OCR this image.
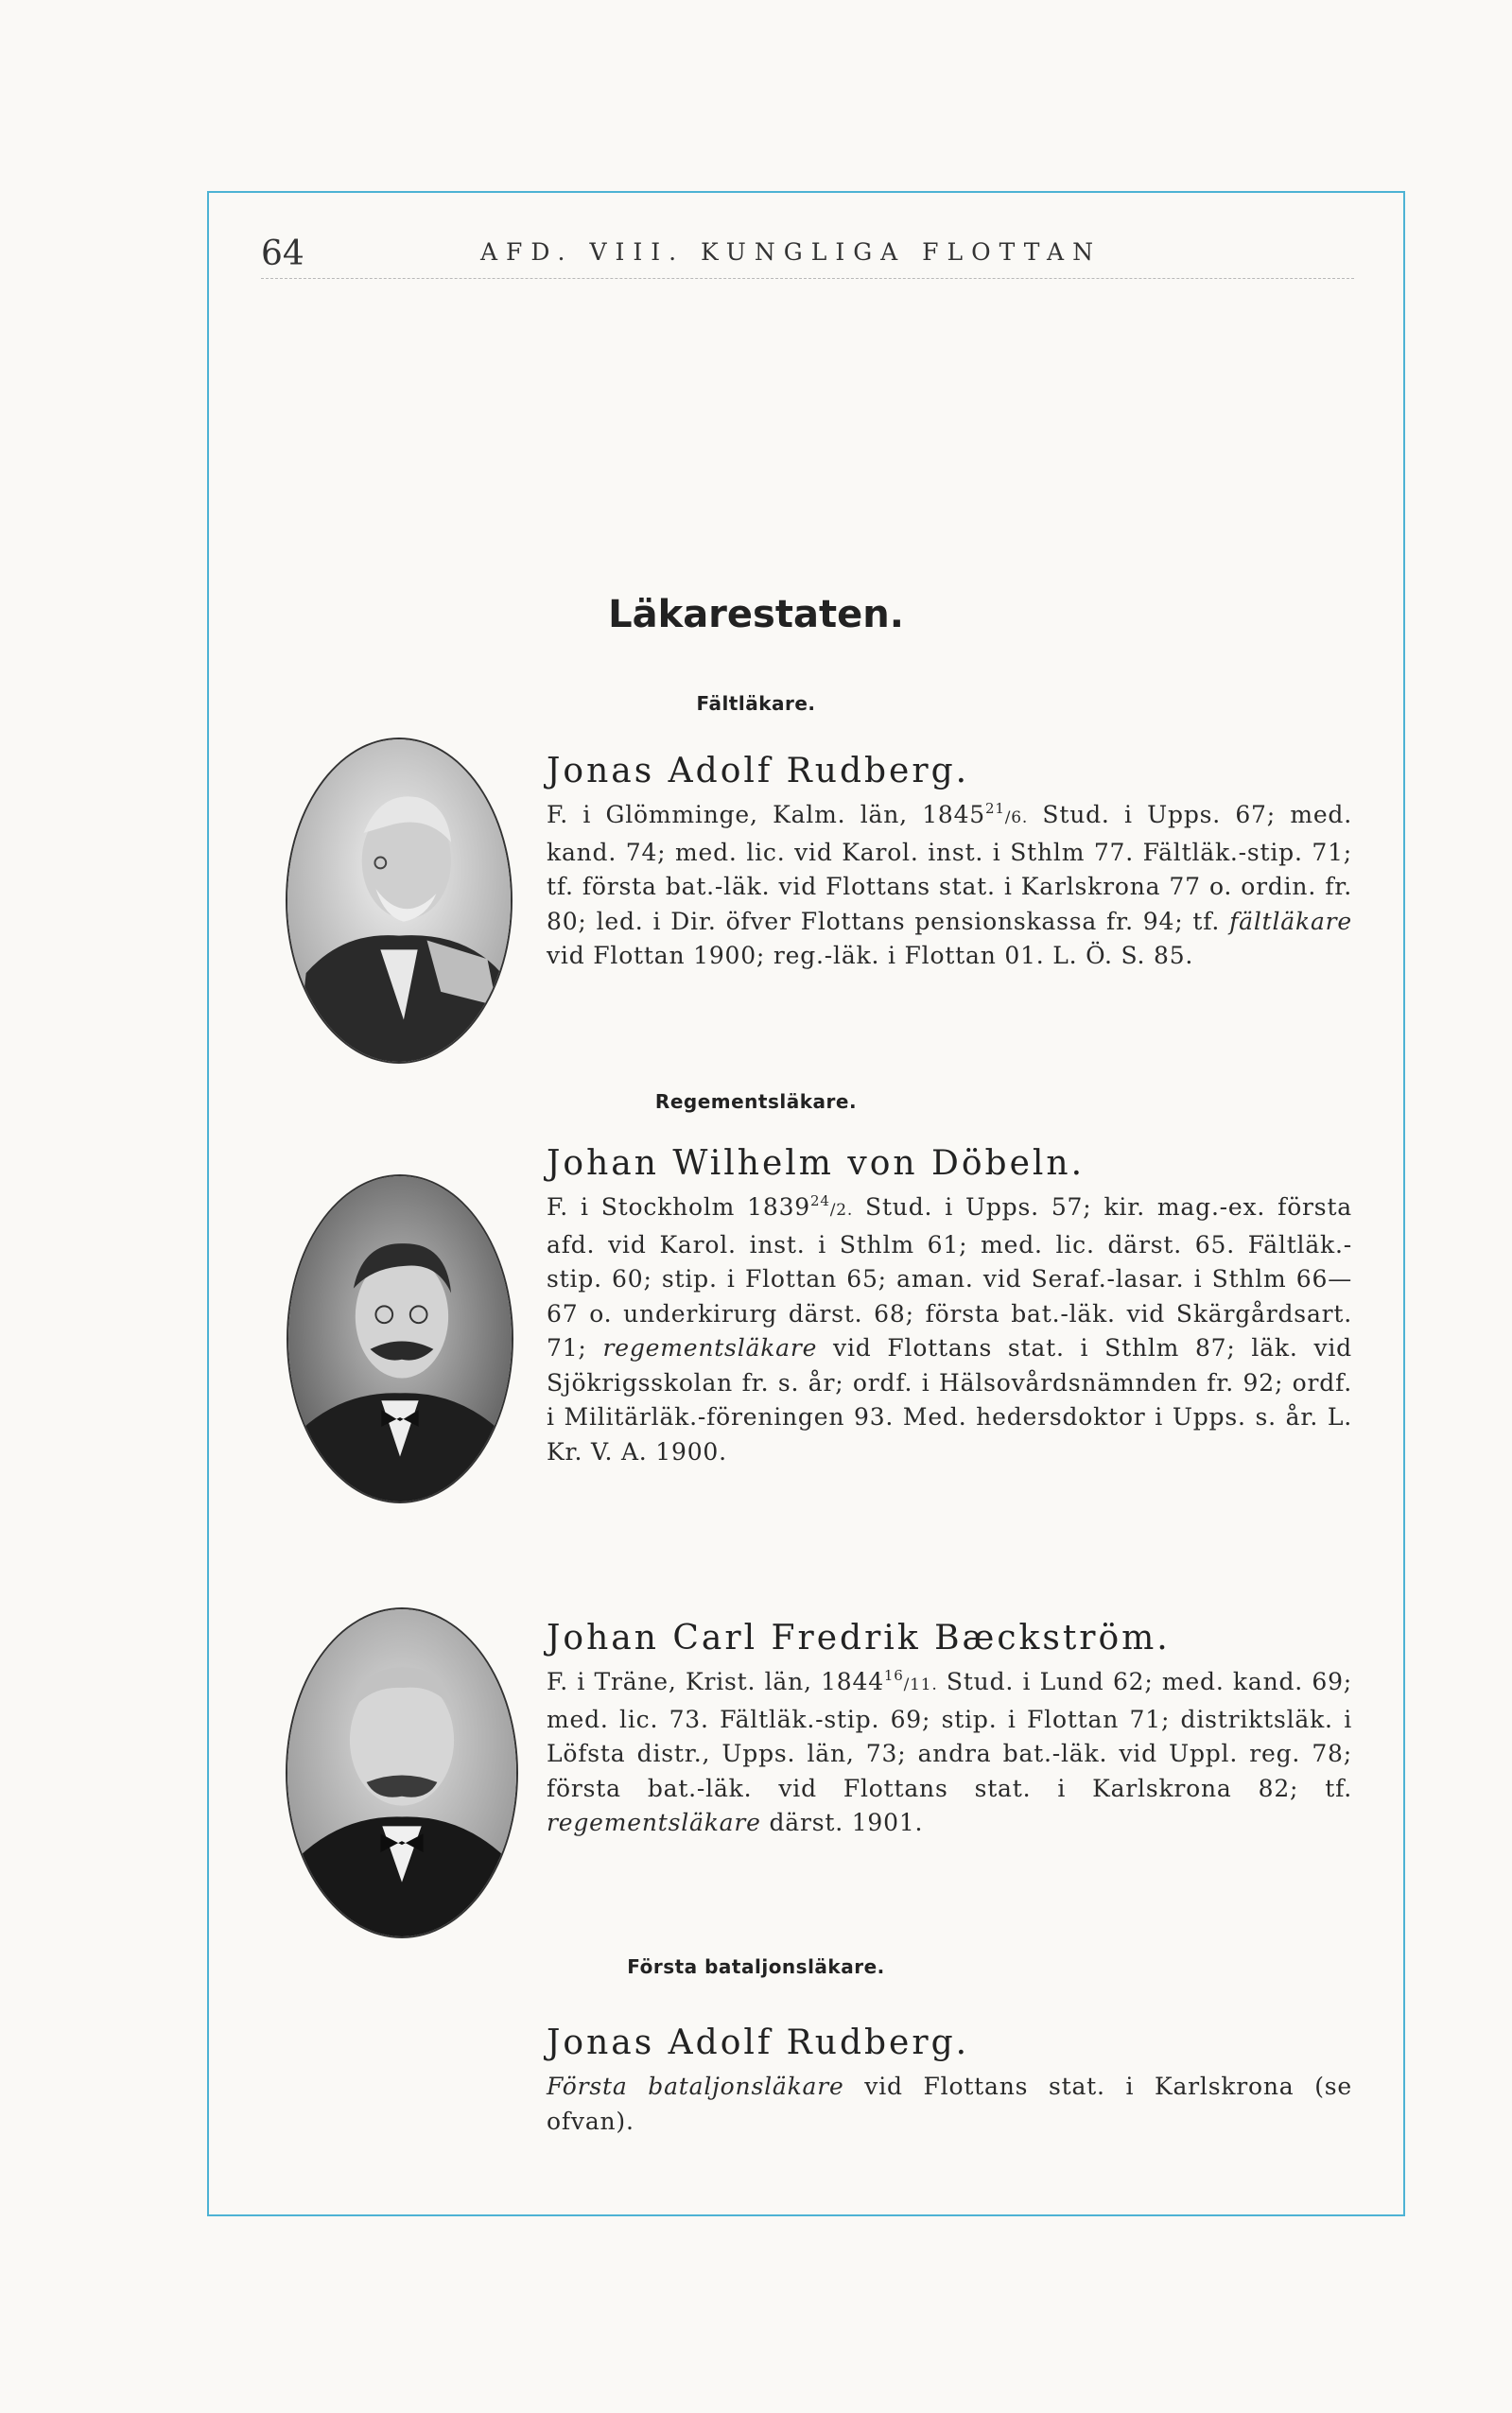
64	AFD. VIII. KUNGLIGA FLOTTAN
Läkarestaten.
Fältläkare.
Jonas Adolf Rudberg.
F. i Glömminge, Kalm. län, 1845$^{21}$/6. Stud. i Upps. 67; med. kand. 74; med. lic. vid Karol. inst. i Sthlm 77. Fältläk.-stip. 71; tf. första bat.-läk. vid Flottans stat. i Karlskrona 77 o. ordin. fr. 80; led. i Dir. öfver Flottans pensionskassa fr. 94; tf. fältläkare vid Flottan 1900; reg.-läk. i Flottan 01. L. Ö. S. 85.
Regementsläkare.
Johan Wilhelm von Döbeln.
F. i Stockholm 1839$^{24}$/2. Stud. i Upps. 57; kir. mag.-ex. första afd. vid Karol. inst. i Sthlm 61; med. lic. därst. 65. Fältläk.-stip. 60; stip. i Flottan 65; aman. vid Seraf.-lasar. i Sthlm 66—67 o. underkirurg därst. 68; första bat.-läk. vid Skärgårdsart. 71; regementsläkare vid Flottans stat. i Sthlm 87; läk. vid Sjökrigsskolan fr. s. år; ordf. i Hälsovårdsnämnden fr. 92; ordf. i Militärläk.-föreningen 93. Med. hedersdoktor i Upps. s. år. L. Kr. V. A. 1900.
Johan Carl Fredrik Bæckström.
F. i Träne, Krist. län, 1844$^{16}$/11. Stud. i Lund 62; med. kand. 69; med. lic. 73. Fältläk.-stip. 69; stip. i Flottan 71; distriktsläk. i Löfsta distr., Upps. län, 73; andra bat.-läk. vid Uppl. reg. 78; första bat.-läk. vid Flottans stat. i Karlskrona 82; tf. regementsläkare därst. 1901.
Första bataljonsläkare.
Jonas Adolf Rudberg.
Första bataljonsläkare vid Flottans stat. i Karlskrona (se ofvan).
